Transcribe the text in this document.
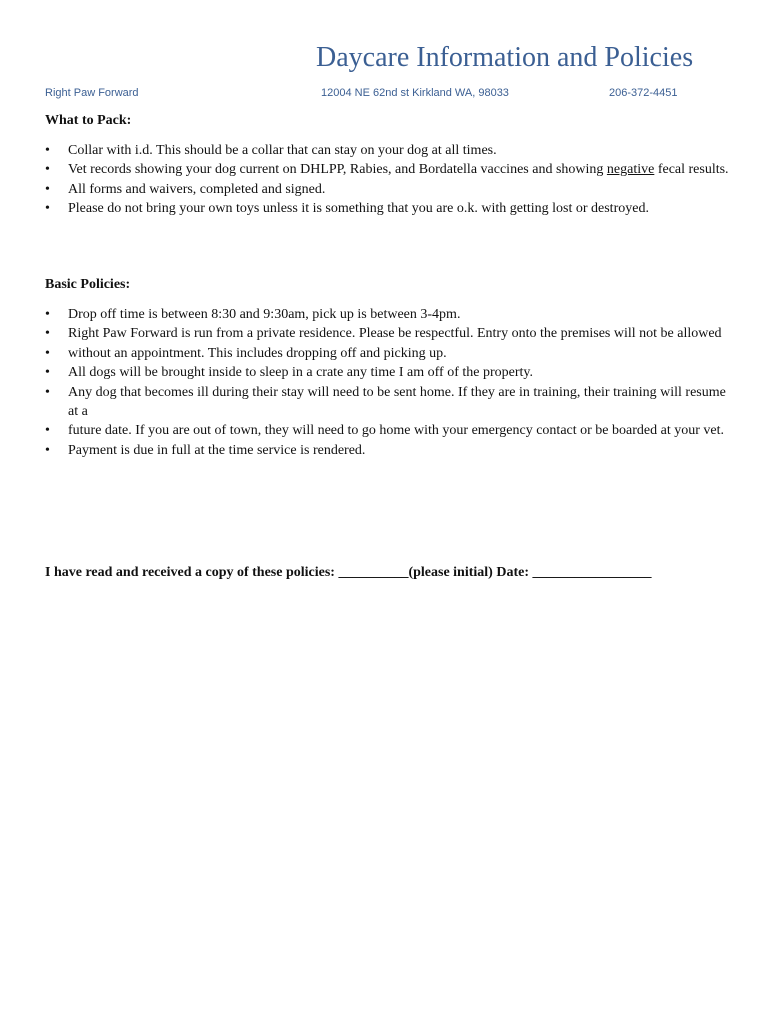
Daycare Information and Policies
Right Paw Forward	12004 NE 62nd st Kirkland WA, 98033	206-372-4451
What to Pack:
• Collar with i.d. This should be a collar that can stay on your dog at all times.
• Vet records showing your dog current on DHLPP, Rabies, and Bordatella vaccines and showing negative fecal results.
• All forms and waivers, completed and signed.
• Please do not bring your own toys unless it is something that you are o.k. with getting lost or destroyed.
Basic Policies:
• Drop off time is between 8:30 and 9:30am, pick up is between 3-4pm.
• Right Paw Forward is run from a private residence. Please be respectful. Entry onto the premises will not be allowed
• without an appointment. This includes dropping off and picking up.
• All dogs will be brought inside to sleep in a crate any time I am off of the property.
• Any dog that becomes ill during their stay will need to be sent home. If they are in training, their training will resume at a
• future date. If you are out of town, they will need to go home with your emergency contact or be boarded at your vet.
• Payment is due in full at the time service is rendered.

I have read and received a copy of these policies: __________(please initial) Date: _________________
